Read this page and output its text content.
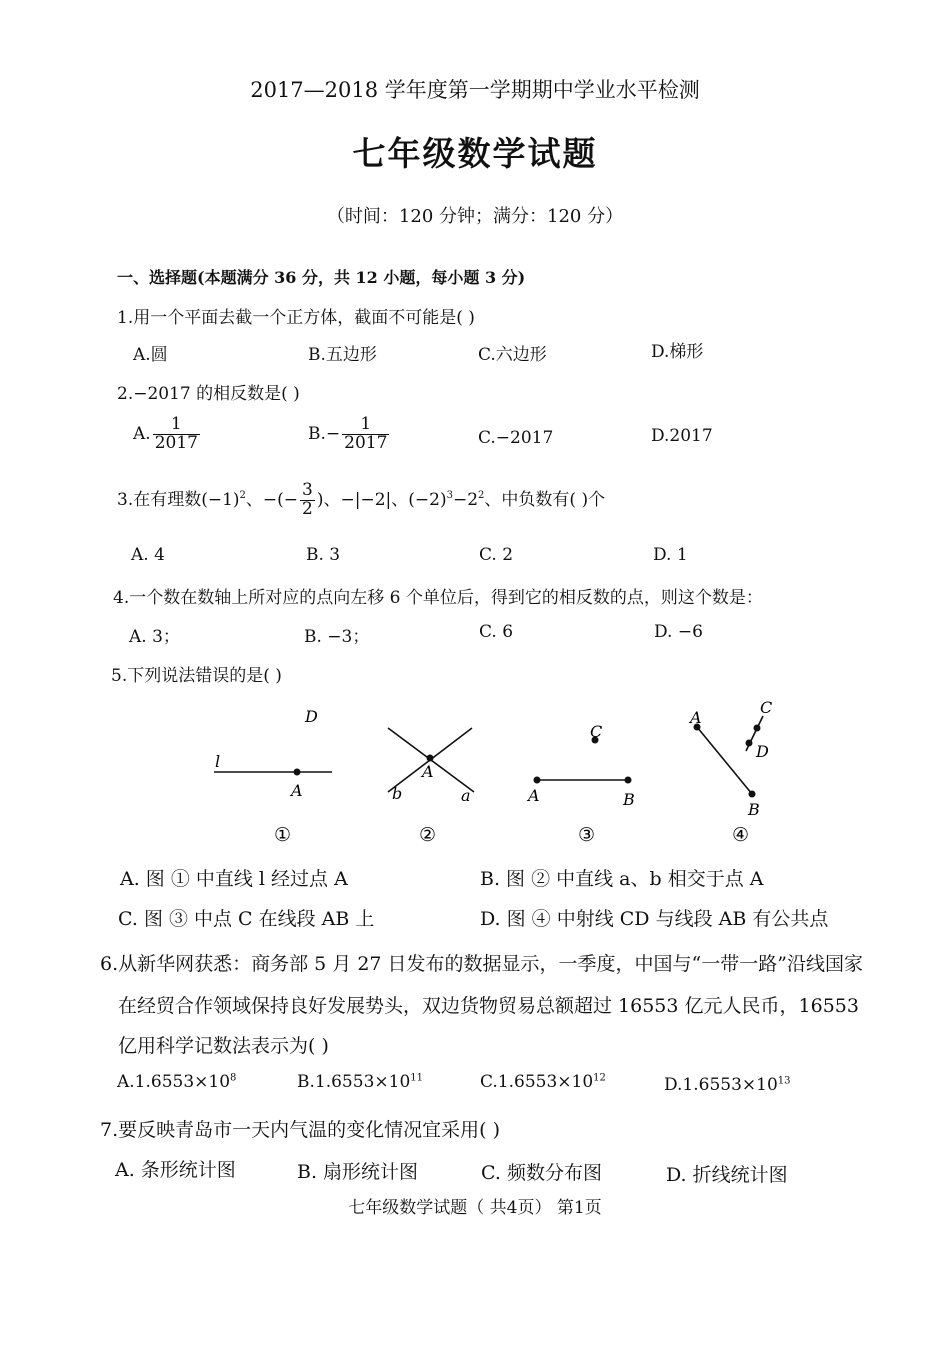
2017—2018 学年度第一学期期中学业水平检测
七年级数学试题
（时间：120 分钟；满分：120 分）
一、选择题(本题满分 36 分，共 12 小题，每小题 3 分)
1.用一个平面去截一个正方体，截面不可能是( )
A.圆	B.五边形	C.六边形	D.梯形
2.−2017 的相反数是( )
A. $\frac{1}{2017}$	$B.- \frac{1}{2017}$	C.−2017	D.2017
3.在有理数$(-1)^2$、−(− $\frac{3}{2}$ )、−|−2|、$(-2)^3-2^2$、中负数有( )个
A. 4	B. 3	C. 2	D. 1
4.一个数在数轴上所对应的点向左移 6 个单位后，得到它的相反数的点，则这个数是：
A. 3；	B. −3；	C. 6	D. −6
5.下列说法错误的是( )
l
A
D
①
A
b	a
②
C
A	B
③
A
B
C
D
④
A. 图 ① 中直线 l 经过点 A	B. 图 ② 中直线 a、b 相交于点 A
C. 图 ③ 中点 C 在线段 AB 上	D. 图 ④ 中射线 CD 与线段 AB 有公共点
6.从新华网获悉：商务部 5 月 27 日发布的数据显示，一季度，中国与“一带一路”沿线国家
在经贸合作领域保持良好发展势头，双边货物贸易总额超过 16553 亿元人民币，16553
亿用科学记数法表示为( )
$A.1.6553\times 10^8$	$B.1.6553\times 10^{11}$	$C.1.6553\times 10^{12}$	$D.1.6553\times 10^{13}$
7.要反映青岛市一天内气温的变化情况宜采用( )
A. 条形统计图	B. 扇形统计图	C. 频数分布图	D. 折线统计图
七年级数学试题（ 共4页） 第1页
